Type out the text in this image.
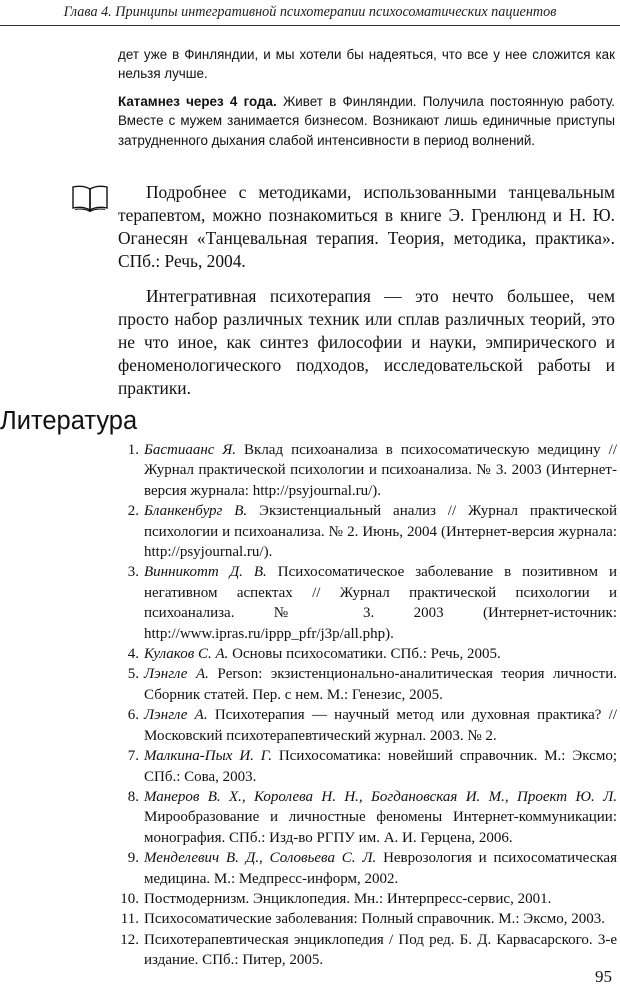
Глава 4. Принципы интегративной психотерапии психосоматических пациентов
дет уже в Финляндии, и мы хотели бы надеяться, что все у нее сложится как нельзя лучше.
Катамнез через 4 года. Живет в Финляндии. Получила постоянную работу. Вместе с мужем занимается бизнесом. Возникают лишь единичные приступы затрудненного дыхания слабой интенсивности в период волнений.
Подробнее с методиками, использованными танцевальным терапевтом, можно познакомиться в книге Э. Гренлюнд и Н. Ю. Оганесян «Танцевальная терапия. Теория, методика, практика». СПб.: Речь, 2004.
Интегративная психотерапия — это нечто большее, чем просто набор различных техник или сплав различных теорий, это не что иное, как синтез философии и науки, эмпирического и феноменологического подходов, исследовательской работы и практики.
Литература
1. Бастиаанс Я. Вклад психоанализа в психосоматическую медицину // Журнал практической психологии и психоанализа. № 3. 2003 (Интернет-версия журнала: http://psyjournal.ru/).
2. Бланкенбург В. Экзистенциальный анализ // Журнал практической психологии и психоанализа. № 2. Июнь, 2004 (Интернет-версия журнала: http://psyjournal.ru/).
3. Винникотт Д. В. Психосоматическое заболевание в позитивном и негативном аспектах // Журнал практической психологии и психоанализа. № 3. 2003 (Интернет-источник: http://www.ipras.ru/ippp_pfr/j3p/all.php).
4. Кулаков С. А. Основы психосоматики. СПб.: Речь, 2005.
5. Лэнгле А. Person: экзистенционально-аналитическая теория личности. Сборник статей. Пер. с нем. М.: Генезис, 2005.
6. Лэнгле А. Психотерапия — научный метод или духовная практика? // Московский психотерапевтический журнал. 2003. № 2.
7. Малкина-Пых И. Г. Психосоматика: новейший справочник. М.: Эксмо; СПб.: Сова, 2003.
8. Манеров В. Х., Королева Н. Н., Богдановская И. М., Проект Ю. Л. Мирообразование и личностные феномены Интернет-коммуникации: монография. СПб.: Изд-во РГПУ им. А. И. Герцена, 2006.
9. Менделевич В. Д., Соловьева С. Л. Неврозология и психосоматическая медицина. М.: Медпресс-информ, 2002.
10. Постмодернизм. Энциклопедия. Мн.: Интерпресс-сервис, 2001.
11. Психосоматические заболевания: Полный справочник. М.: Эксмо, 2003.
12. Психотерапевтическая энциклопедия / Под ред. Б. Д. Карвасарского. 3-е издание. СПб.: Питер, 2005.
95
